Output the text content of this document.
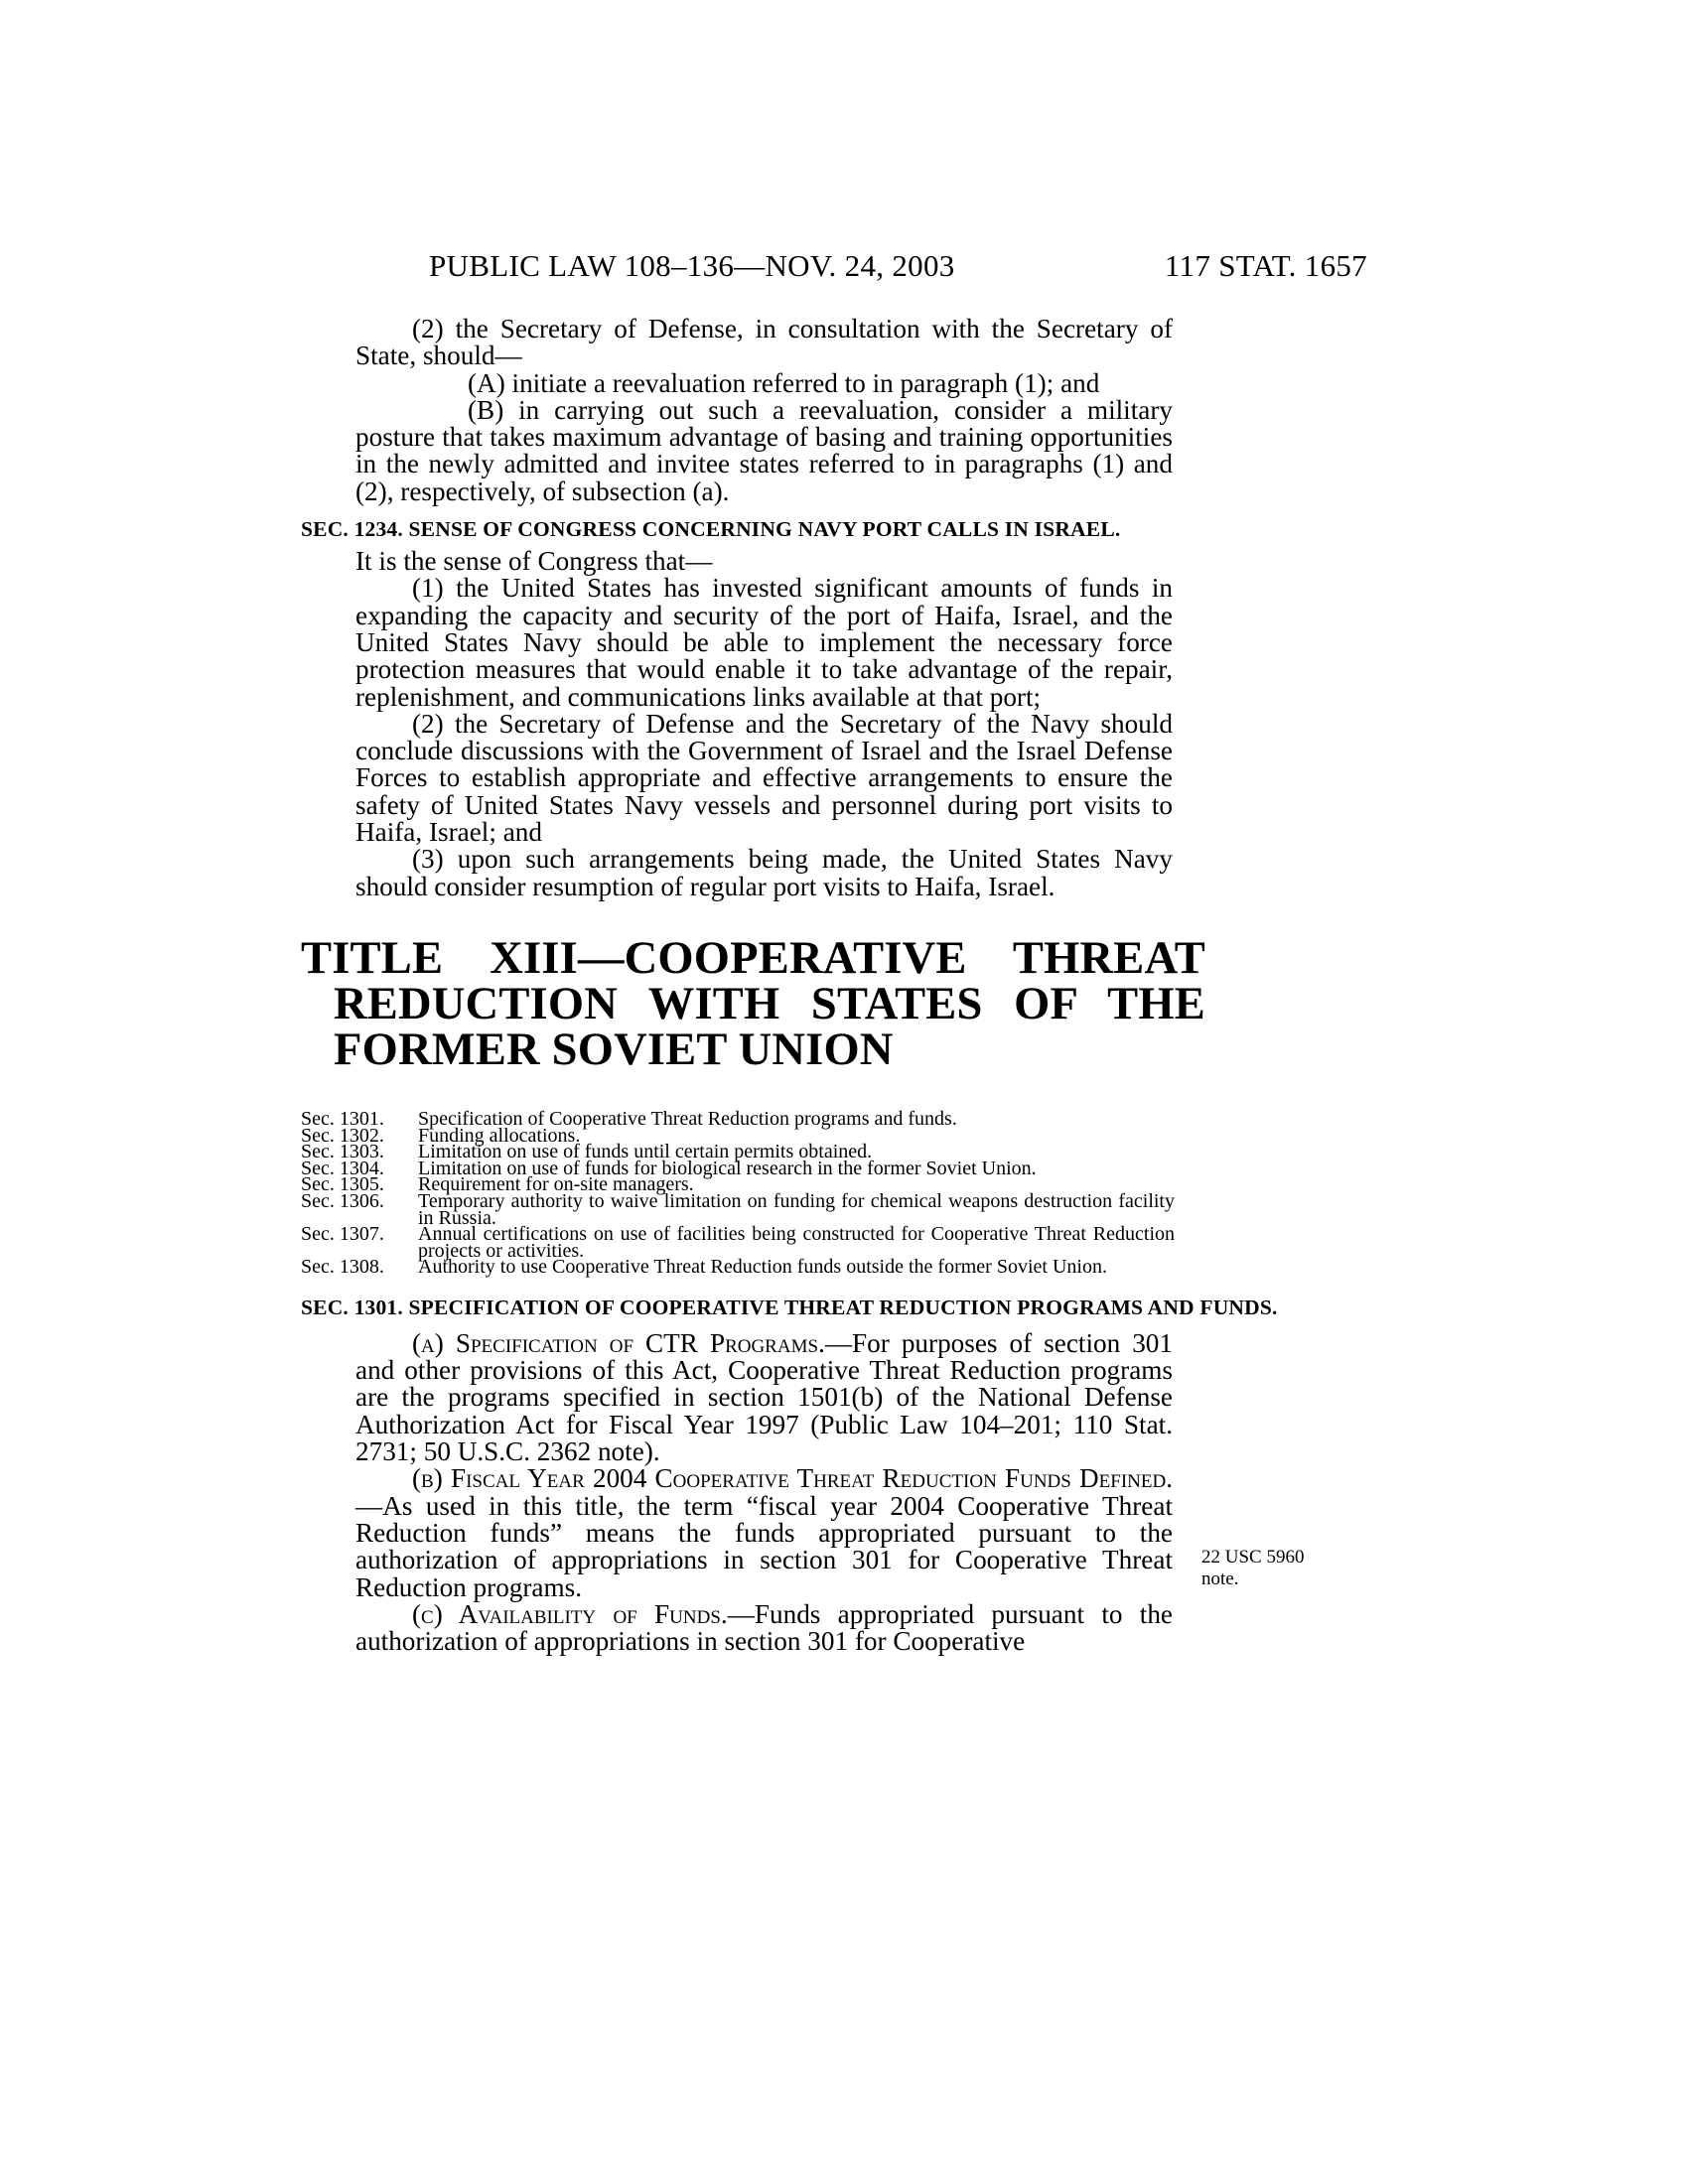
PUBLIC LAW 108–136—NOV. 24, 2003	117 STAT. 1657

(2) the Secretary of Defense, in consultation with the Secretary of State, should—

(A) initiate a reevaluation referred to in paragraph (1); and

(B) in carrying out such a reevaluation, consider a military posture that takes maximum advantage of basing and training opportunities in the newly admitted and invitee states referred to in paragraphs (1) and (2), respectively, of subsection (a).

SEC. 1234. SENSE OF CONGRESS CONCERNING NAVY PORT CALLS IN ISRAEL.

It is the sense of Congress that—

(1) the United States has invested significant amounts of funds in expanding the capacity and security of the port of Haifa, Israel, and the United States Navy should be able to implement the necessary force protection measures that would enable it to take advantage of the repair, replenishment, and communications links available at that port;

(2) the Secretary of Defense and the Secretary of the Navy should conclude discussions with the Government of Israel and the Israel Defense Forces to establish appropriate and effective arrangements to ensure the safety of United States Navy vessels and personnel during port visits to Haifa, Israel; and

(3) upon such arrangements being made, the United States Navy should consider resumption of regular port visits to Haifa, Israel.

TITLE XIII—COOPERATIVE THREAT REDUCTION WITH STATES OF THE FORMER SOVIET UNION
Sec. 1301.	Specification of Cooperative Threat Reduction programs and funds.
Sec. 1302.	Funding allocations.
Sec. 1303.	Limitation on use of funds until certain permits obtained.
Sec. 1304.	Limitation on use of funds for biological research in the former Soviet Union.
Sec. 1305.	Requirement for on-site managers.
Sec. 1306.	Temporary authority to waive limitation on funding for chemical weapons destruction facility in Russia.
Sec. 1307.	Annual certifications on use of facilities being constructed for Cooperative Threat Reduction projects or activities.
Sec. 1308.	Authority to use Cooperative Threat Reduction funds outside the former Soviet Union.
SEC. 1301. SPECIFICATION OF COOPERATIVE THREAT REDUCTION PROGRAMS AND FUNDS.

(a) Specification of CTR Programs.—For purposes of section 301 and other provisions of this Act, Cooperative Threat Reduction programs are the programs specified in section 1501(b) of the National Defense Authorization Act for Fiscal Year 1997 (Public Law 104–201; 110 Stat. 2731; 50 U.S.C. 2362 note).

(b) Fiscal Year 2004 Cooperative Threat Reduction Funds Defined.—As used in this title, the term “fiscal year 2004 Cooperative Threat Reduction funds” means the funds appropriated pursuant to the authorization of appropriations in section 301 for Cooperative Threat Reduction programs.

(c) Availability of Funds.—Funds appropriated pursuant to the authorization of appropriations in section 301 for Cooperative

22 USC 5960
note.
